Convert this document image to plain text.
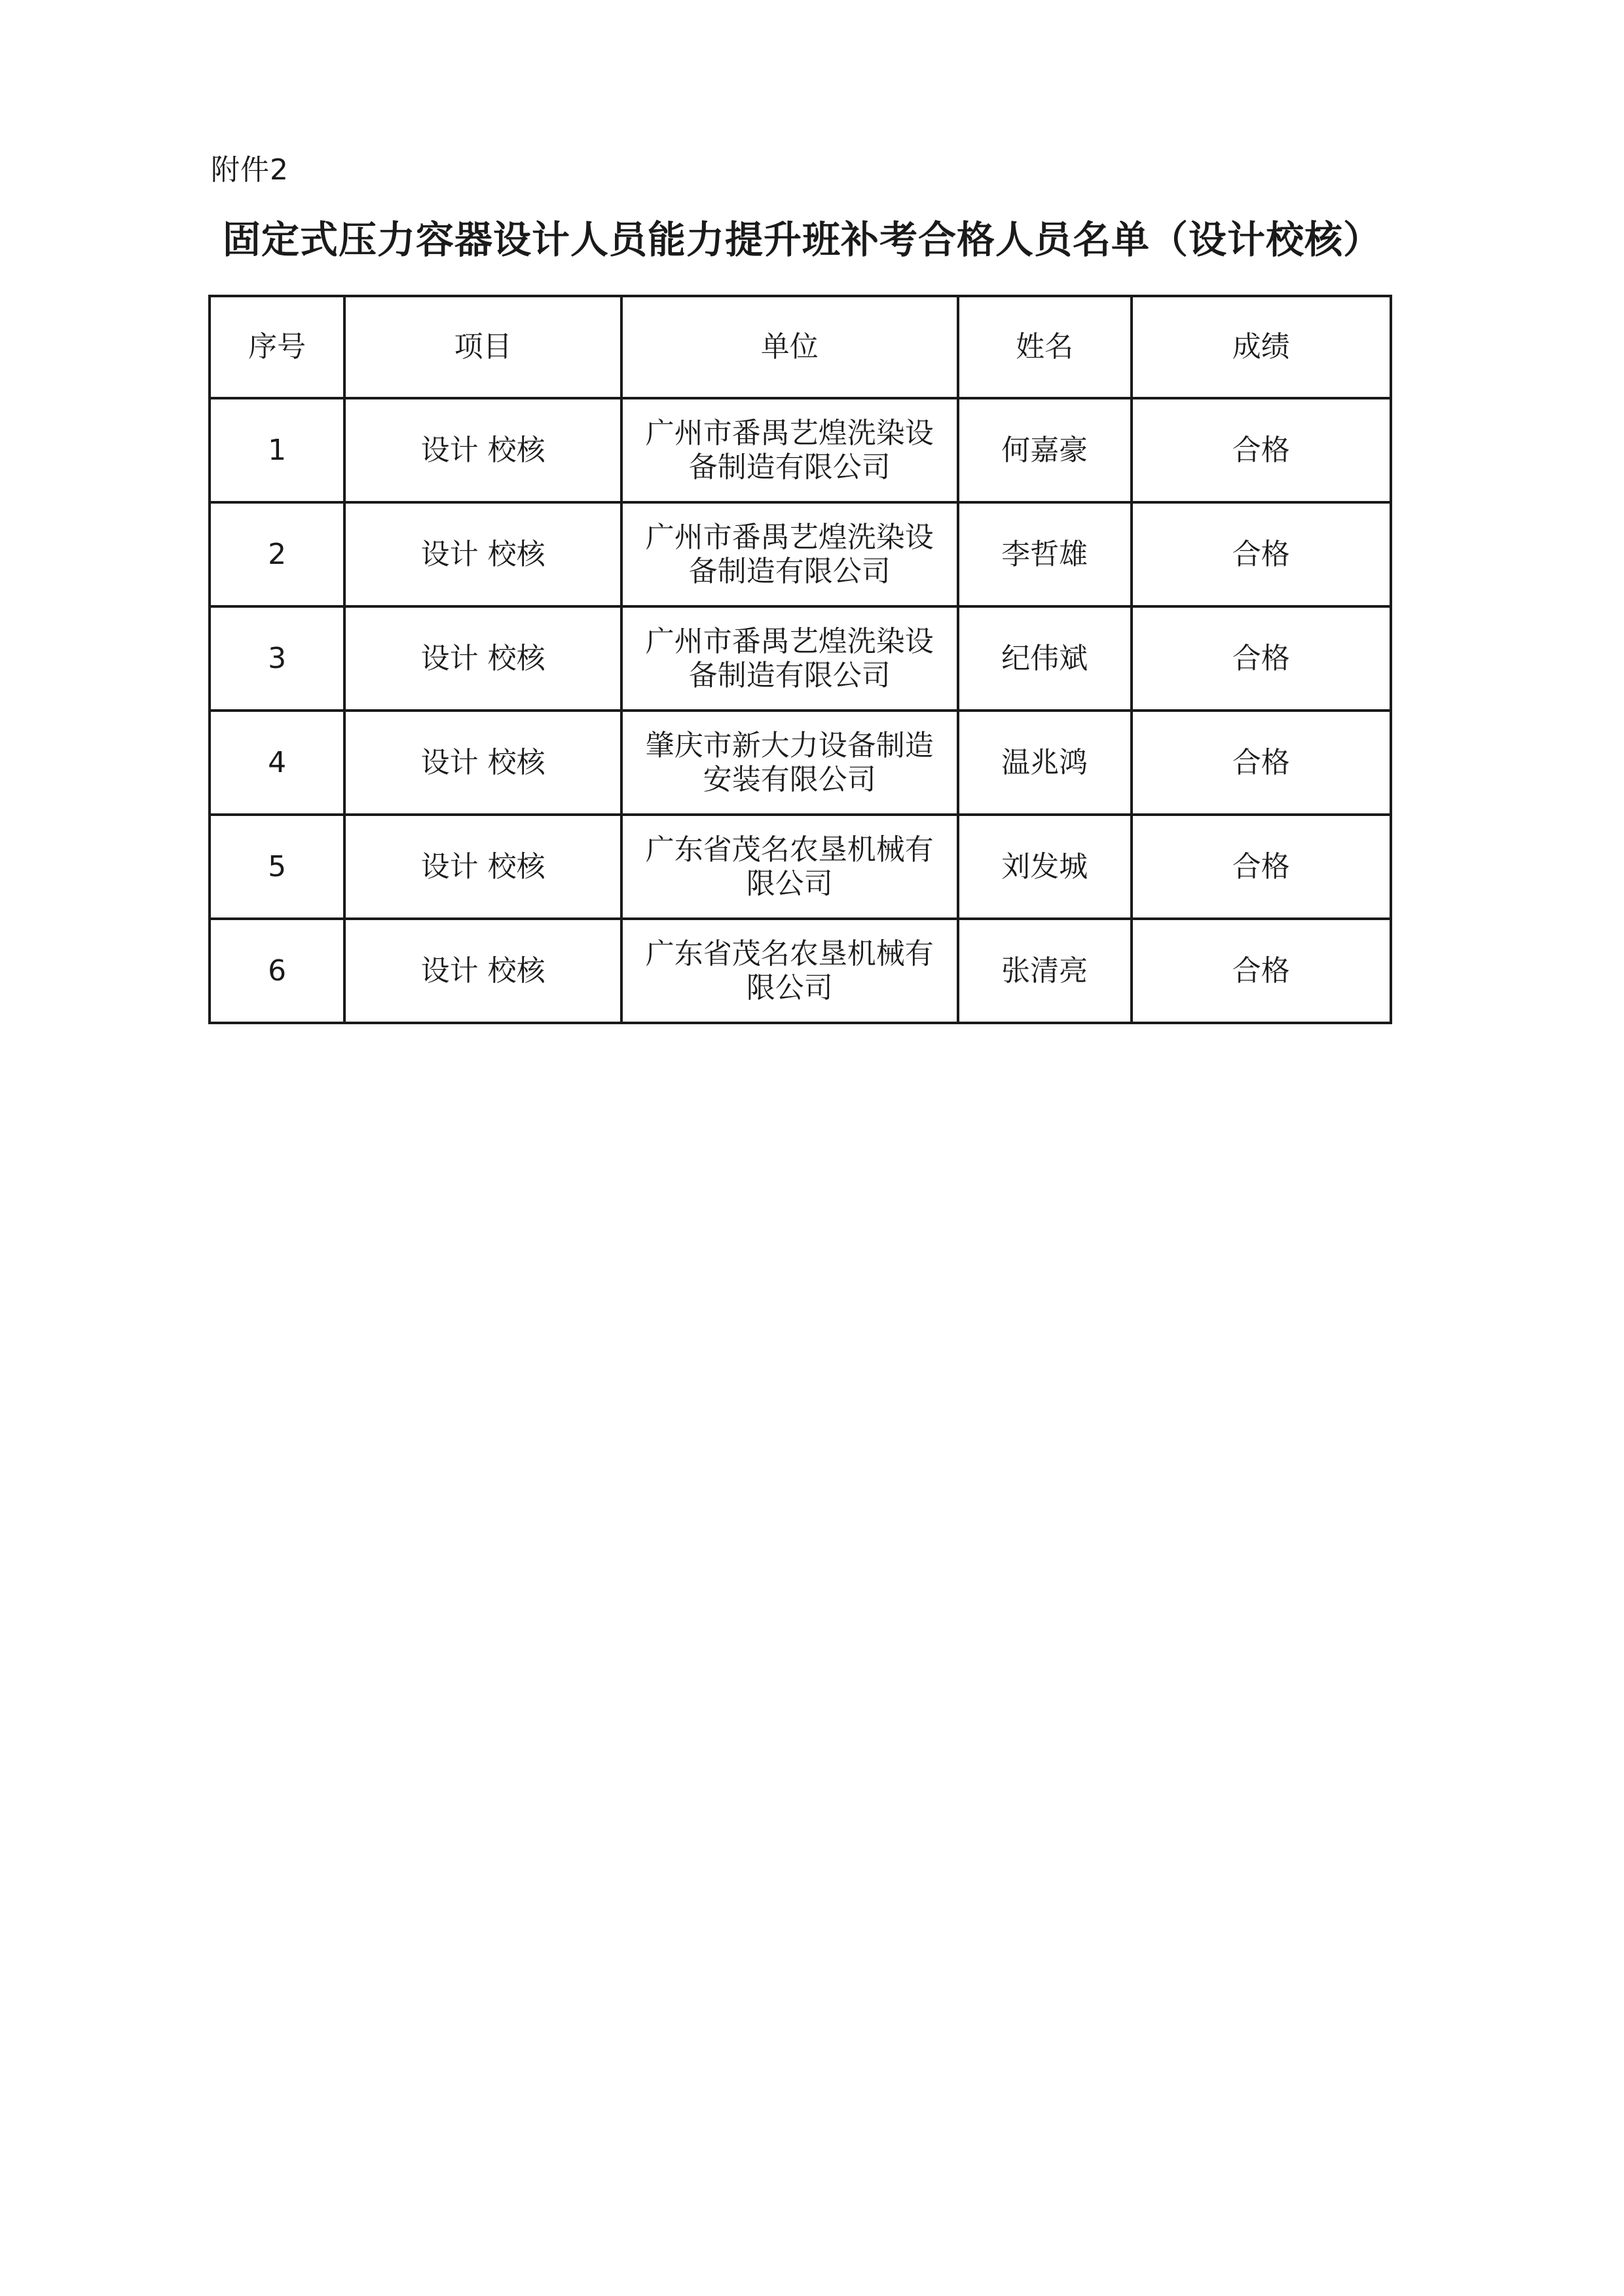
附件2
固定式压力容器设计人员能力提升班补考合格人员名单（设计校核）
序号	项目	单位	姓名	成绩
1	设计 校核	广州市番禺艺煌洗染设备制造有限公司	何嘉豪	合格
2	设计 校核	广州市番禺艺煌洗染设备制造有限公司	李哲雄	合格
3	设计 校核	广州市番禺艺煌洗染设备制造有限公司	纪伟斌	合格
4	设计 校核	肇庆市新大力设备制造安装有限公司	温兆鸿	合格
5	设计 校核	广东省茂名农垦机械有限公司	刘发城	合格
6	设计 校核	广东省茂名农垦机械有限公司	张清亮	合格
